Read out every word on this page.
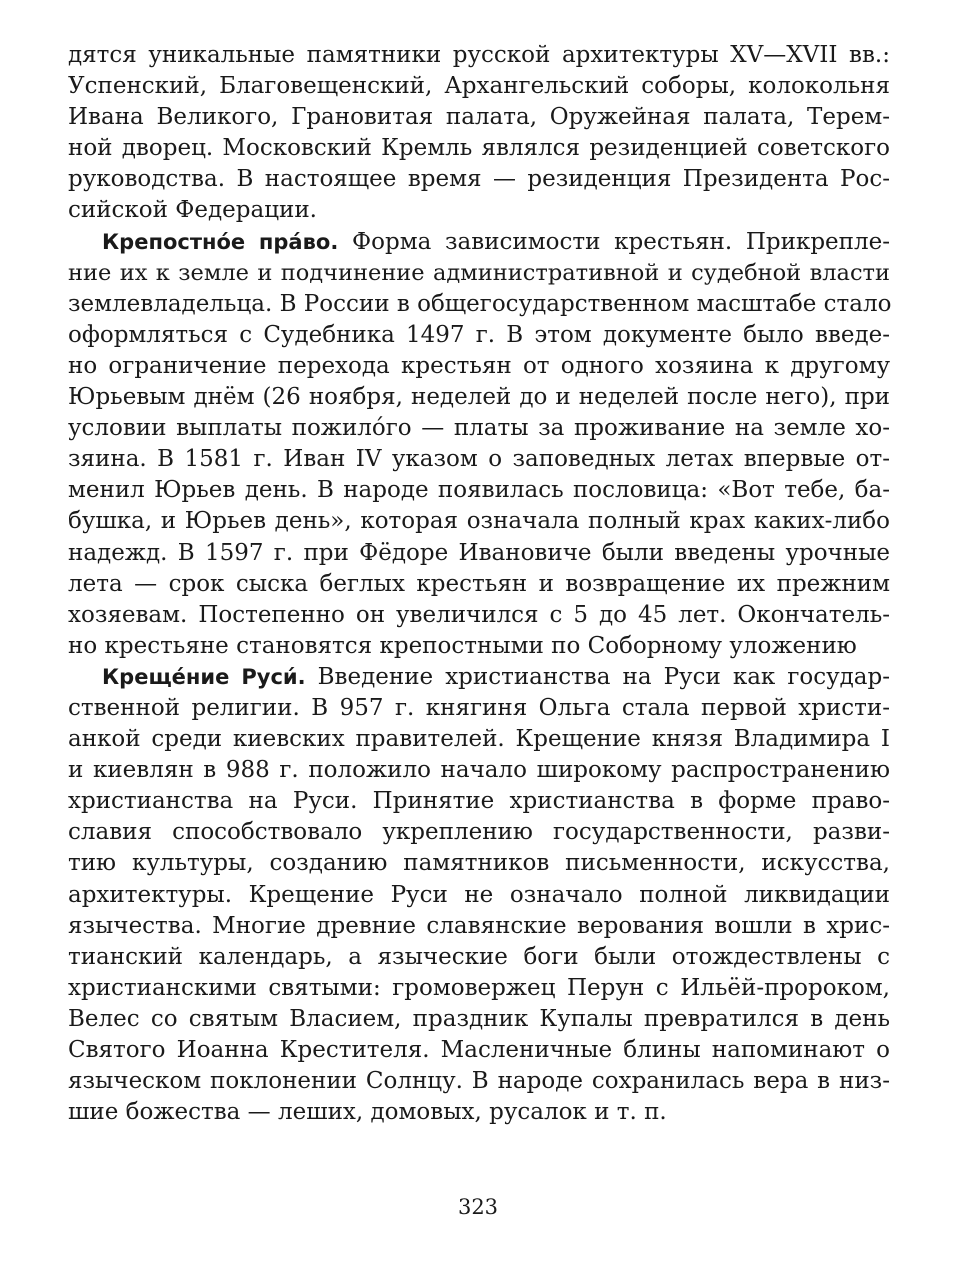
дятся уникальные памятники русской архитектуры XV—XVII вв.:
Успенский, Благовещенский, Архангельский соборы, колокольня
Ивана Великого, Грановитая палата, Оружейная палата, Терем-
ной дворец. Московский Кремль являлся резиденцией советского
руководства. В настоящее время — резиденция Президента Рос-
сийской Федерации.
Крепостно́е пра́во. Форма зависимости крестьян. Прикрепле-
ние их к земле и подчинение административной и судебной власти
землевладельца. В России в общегосударственном масштабе стало
оформляться с Судебника 1497 г. В этом документе было введе-
но ограничение перехода крестьян от одного хозяина к другому
Юрьевым днём (26 ноября, неделей до и неделей после него), при
условии выплаты пожило́го — платы за проживание на земле хо-
зяина. В 1581 г. Иван IV указом о заповедных летах впервые от-
менил Юрьев день. В народе появилась пословица: «Вот тебе, ба-
бушка, и Юрьев день», которая означала полный крах каких-либо
надежд. В 1597 г. при Фёдоре Ивановиче были введены урочные
лета — срок сыска беглых крестьян и возвращение их прежним
хозяевам. Постепенно он увеличился с 5 до 45 лет. Окончатель-
но крестьяне становятся крепостными по Соборному уложению
Креще́ние Руси́. Введение христианства на Руси как государ-
ственной религии. В 957 г. княгиня Ольга стала первой христи-
анкой среди киевских правителей. Крещение князя Владимира I
и киевлян в 988 г. положило начало широкому распространению
христианства на Руси. Принятие христианства в форме право-
славия способствовало укреплению государственности, разви-
тию культуры, созданию памятников письменности, искусства,
архитектуры. Крещение Руси не означало полной ликвидации
язычества. Многие древние славянские верования вошли в хрис-
тианский календарь, а языческие боги были отождествлены с
христианскими святыми: громовержец Перун с Ильёй-пророком,
Велес со святым Власием, праздник Купалы превратился в день
Святого Иоанна Крестителя. Масленичные блины напоминают о
языческом поклонении Солнцу. В народе сохранилась вера в низ-
шие божества — леших, домовых, русалок и т. п.
323
